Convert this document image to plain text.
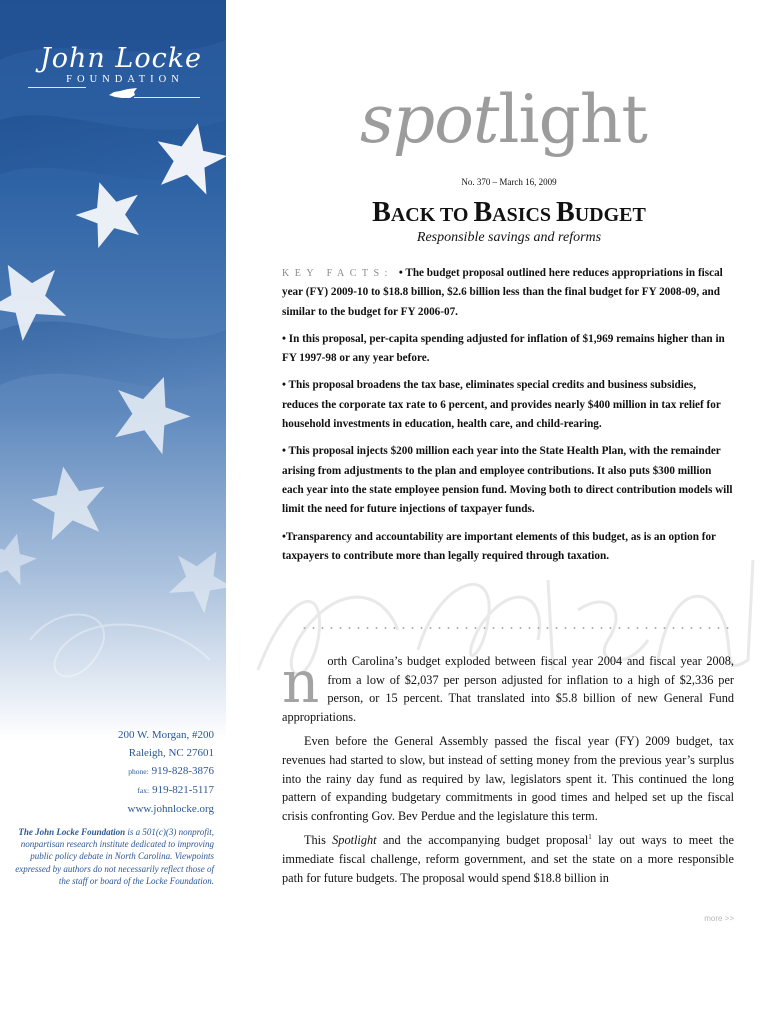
John Locke
FOUNDATION
200 W. Morgan, #200
Raleigh, NC 27601
phone: 919-828-3876
fax: 919-821-5117
www.johnlocke.org
The John Locke Foundation is a 501(c)(3) nonprofit, nonpartisan research institute dedicated to improving public policy debate in North Carolina. Viewpoints expressed by authors do not necessarily reflect those of the staff or board of the Locke Foundation.
spotlight
No. 370 – March 16, 2009
BACK TO BASICS BUDGET
Responsible savings and reforms

KEY FACTS: • The budget proposal outlined here reduces appropriations in fiscal year (FY) 2009-10 to $18.8 billion, $2.6 billion less than the final budget for FY 2008-09, and similar to the budget for FY 2006-07.

• In this proposal, per-capita spending adjusted for inflation of $1,969 remains higher than in FY 1997-98 or any year before.

• This proposal broadens the tax base, eliminates special credits and business subsidies, reduces the corporate tax rate to 6 percent, and provides nearly $400 million in tax relief for household investments in education, health care, and child-rearing.

• This proposal injects $200 million each year into the State Health Plan, with the remainder arising from adjustments to the plan and employee contributions. It also puts $300 million each year into the state employee pension fund. Moving both to direct contribution models will limit the need for future injections of taxpayer funds.

•Transparency and accountability are important elements of this budget, as is an option for taxpayers to contribute more than legally required through taxation.

north Carolina’s budget exploded between fiscal year 2004 and fiscal year 2008, from a low of $2,037 per person adjusted for inflation to a high of $2,336 per person, or 15 percent. That translated into $5.8 billion of new General Fund appropriations.

Even before the General Assembly passed the fiscal year (FY) 2009 budget, tax revenues had started to slow, but instead of setting money from the previous year’s surplus into the rainy day fund as required by law, legislators spent it. This continued the long pattern of expanding budgetary commitments in good times and helped set up the fiscal crisis confronting Gov. Bev Perdue and the legislature this term.

This Spotlight and the accompanying budget proposal$^1$ lay out ways to meet the immediate fiscal challenge, reform government, and set the state on a more responsible path for future budgets. The proposal would spend $18.8 billion in

more >>
